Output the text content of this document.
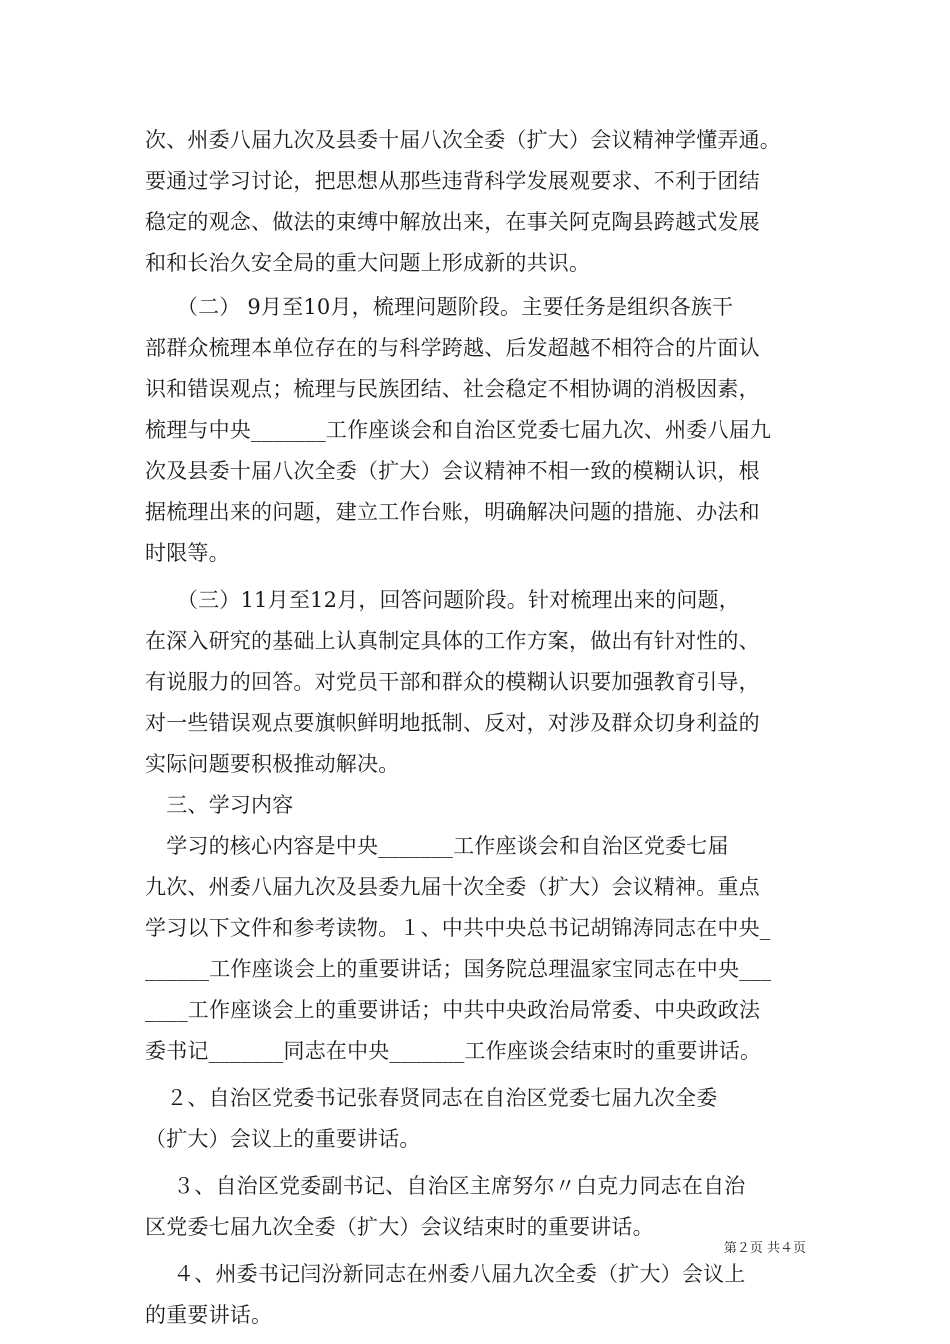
次、州委八届九次及县委十届八次全委（扩大）会议精神学懂弄通。
要通过学习讨论，把思想从那些违背科学发展观要求、不利于团结
稳定的观念、做法的束缚中解放出来，在事关阿克陶县跨越式发展
和和长治久安全局的重大问题上形成新的共识。
　　（二） 9月至10月，梳理问题阶段。主要任务是组织各族干
部群众梳理本单位存在的与科学跨越、后发超越不相符合的片面认
识和错误观点；梳理与民族团结、社会稳定不相协调的消极因素，
梳理与中央_______工作座谈会和自治区党委七届九次、州委八届九
次及县委十届八次全委（扩大）会议精神不相一致的模糊认识，根
据梳理出来的问题，建立工作台账，明确解决问题的措施、办法和
时限等。
　　（三）11月至12月，回答问题阶段。针对梳理出来的问题，
在深入研究的基础上认真制定具体的工作方案，做出有针对性的、
有说服力的回答。对党员干部和群众的模糊认识要加强教育引导，
对一些错误观点要旗帜鲜明地抵制、反对，对涉及群众切身利益的
实际问题要积极推动解决。
　三、学习内容
　学习的核心内容是中央_______工作座谈会和自治区党委七届
九次、州委八届九次及县委九届十次全委（扩大）会议精神。重点
学习以下文件和参考读物。１、中共中央总书记胡锦涛同志在中央_
______工作座谈会上的重要讲话；国务院总理温家宝同志在中央___
____工作座谈会上的重要讲话；中共中央政治局常委、中央政政法
委书记_______同志在中央_______工作座谈会结束时的重要讲话。
　２、自治区党委书记张春贤同志在自治区党委七届九次全委
（扩大）会议上的重要讲话。
　 ３、自治区党委副书记、自治区主席努尔〃白克力同志在自治
区党委七届九次全委（扩大）会议结束时的重要讲话。
　 ４、州委书记闫汾新同志在州委八届九次全委（扩大）会议上
的重要讲话。
第２页 共４页
